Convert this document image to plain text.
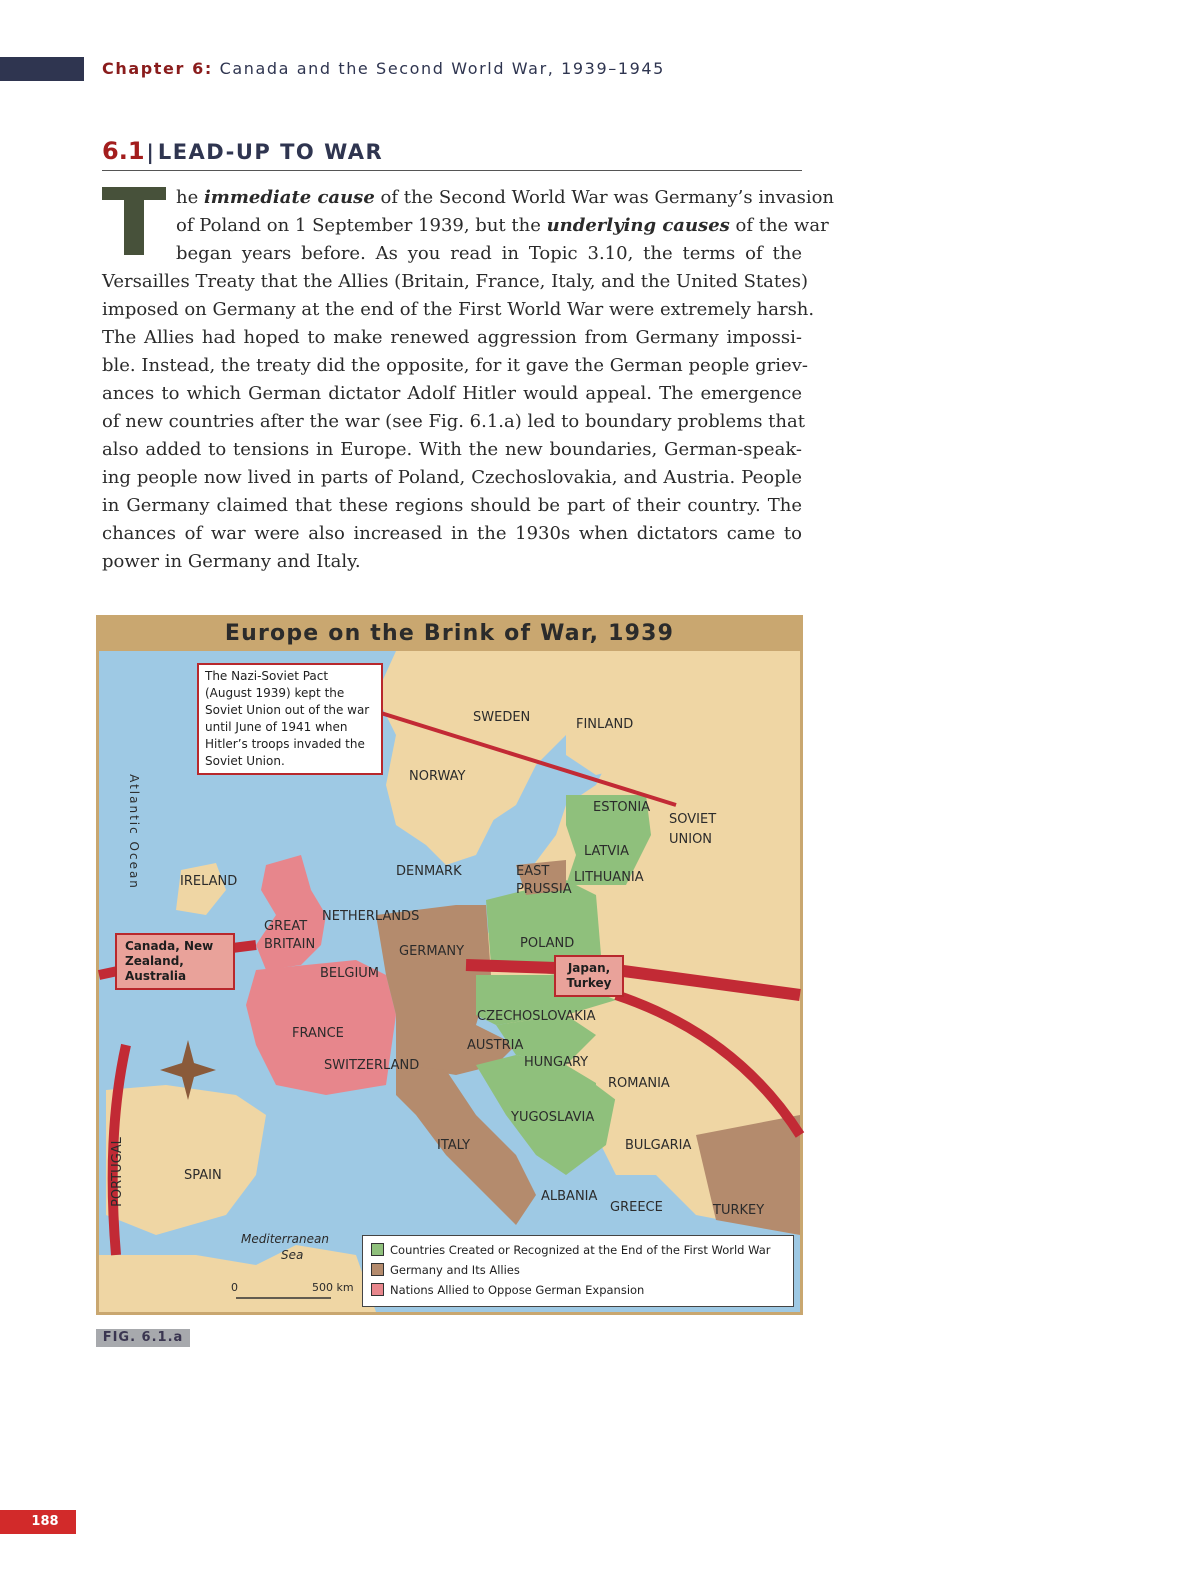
Chapter 6: Canada and the Second World War, 1939–1945
6.1 | LEAD-UP TO WAR
he immediate cause of the Second World War was Germany’s invasion
of Poland on 1 September 1939, but the underlying causes of the war
began years before. As you read in Topic 3.10, the terms of the
Versailles Treaty that the Allies (Britain, France, Italy, and the United States)
imposed on Germany at the end of the First World War were extremely harsh.
The Allies had hoped to make renewed aggression from Germany impossi-
ble. Instead, the treaty did the opposite, for it gave the German people griev-
ances to which German dictator Adolf Hitler would appeal. The emergence
of new countries after the war (see Fig. 6.1.a) led to boundary problems that
also added to tensions in Europe. With the new boundaries, German-speak-
ing people now lived in parts of Poland, Czechoslovakia, and Austria. People
in Germany claimed that these regions should be part of their country. The
chances of war were also increased in the 1930s when dictators came to
power in Germany and Italy.
The Nazi-Soviet Pact (August 1939) kept the Soviet Union out of the war until June of 1941 when Hitler’s troops invaded the Soviet Union.
Canada, New Zealand, Australia
Japan, Turkey
Atlantic Ocean
Mediterranean
Sea
SWEDEN	FINLAND
NORWAY
ESTONIA
SOVIET
UNION
LATVIA
LITHUANIA
DENMARK	EAST
PRUSSIA
IRELAND
NETHERLANDS
GREAT
BRITAIN	GERMANY
POLAND
BELGIUM
CZECHOSLOVAKIA
FRANCE
AUSTRIA
SWITZERLAND	HUNGARY
ROMANIA
YUGOSLAVIA
ITALY	BULGARIA
PORTUGAL	SPAIN
ALBANIA
GREECE	TURKEY
0	500 km
Europe on the Brink of War, 1939
Countries Created or Recognized at the End of the First World War
Germany and Its Allies
Nations Allied to Oppose German Expansion
FIG. 6.1.a
188
